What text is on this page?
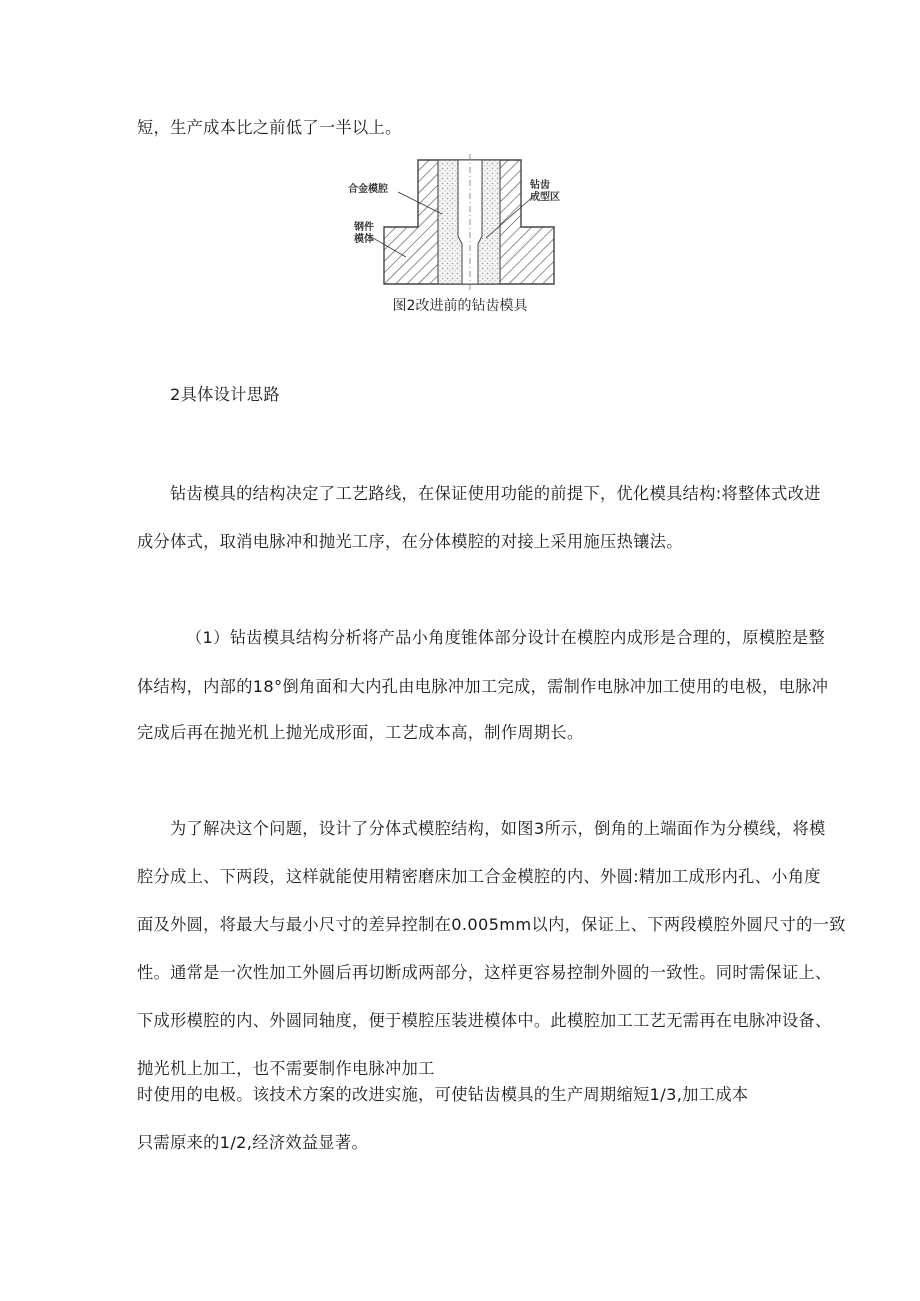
短，生产成本比之前低了一半以上。
合金模腔
钢件
模体
钻齿
成型区
图2改进前的钻齿模具
2具体设计思路
钻齿模具的结构决定了工艺路线，在保证使用功能的前提下，优化模具结构:将整体式改进
成分体式，取消电脉冲和抛光工序，在分体模腔的对接上采用施压热镶法。
（1）钻齿模具结构分析将产品小角度锥体部分设计在模腔内成形是合理的，原模腔是整
体结构，内部的18°倒角面和大内孔由电脉冲加工完成，需制作电脉冲加工使用的电极，电脉冲
完成后再在抛光机上抛光成形面，工艺成本高，制作周期长。
为了解决这个问题，设计了分体式模腔结构，如图3所示，倒角的上端面作为分模线，将模
腔分成上、下两段，这样就能使用精密磨床加工合金模腔的内、外圆:精加工成形内孔、小角度
面及外圆，将最大与最小尺寸的差异控制在0.005mm以内，保证上、下两段模腔外圆尺寸的一致
性。通常是一次性加工外圆后再切断成两部分，这样更容易控制外圆的一致性。同时需保证上、
下成形模腔的内、外圆同轴度，便于模腔压装进模体中。此模腔加工工艺无需再在电脉冲设备、
抛光机上加工，也不需要制作电脉冲加工
时使用的电极。该技术方案的改进实施，可使钻齿模具的生产周期缩短1/3,加工成本
只需原来的1/2,经济效益显著。
